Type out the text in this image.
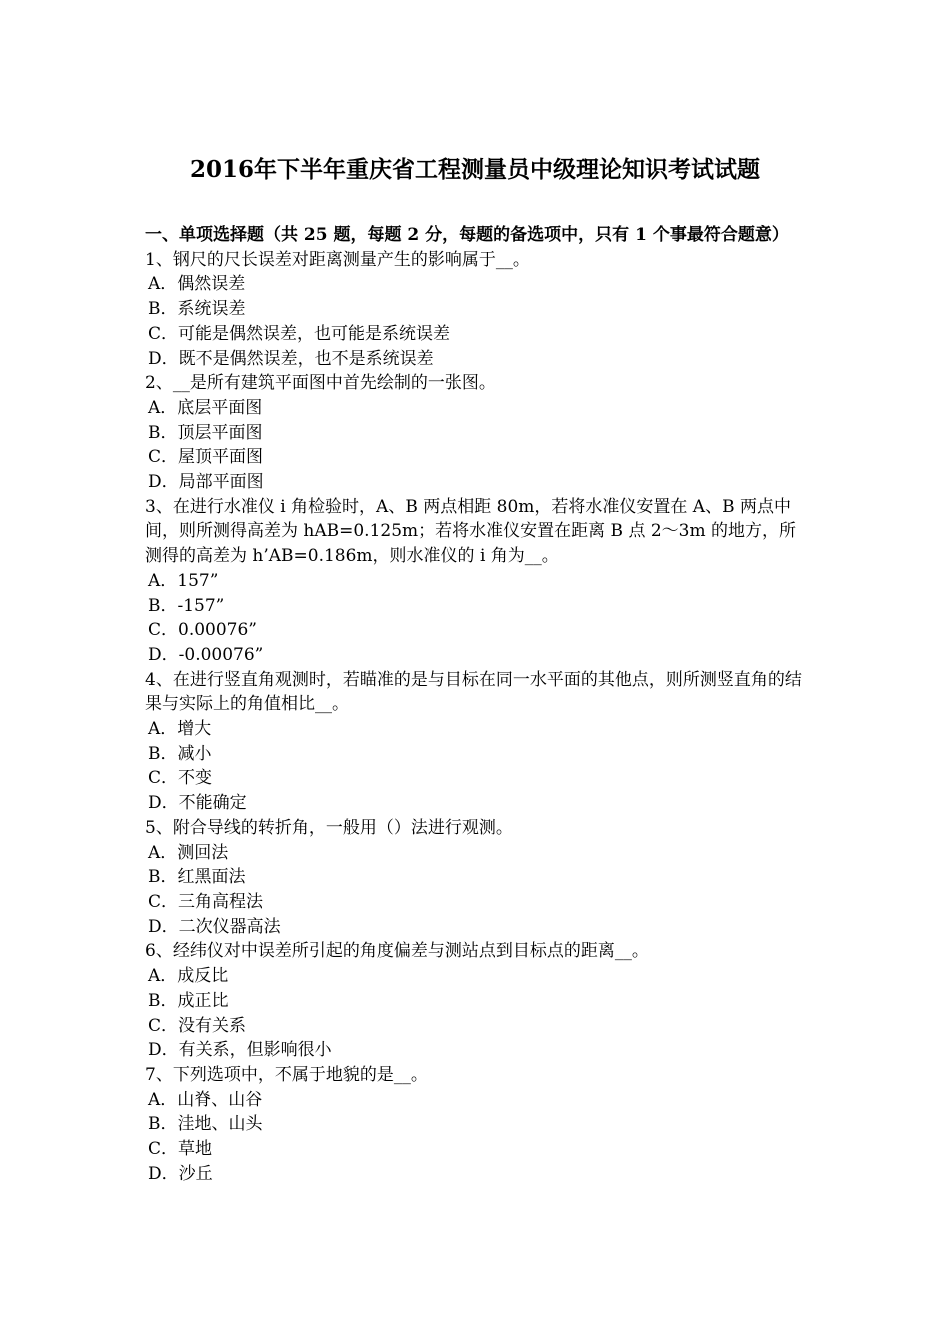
2016年下半年重庆省工程测量员中级理论知识考试试题

一、单项选择题（共 25 题，每题 2 分，每题的备选项中，只有 1 个事最符合题意）

1、钢尺的尺长误差对距离测量产生的影响属于__。

A．偶然误差

B．系统误差

C．可能是偶然误差，也可能是系统误差

D．既不是偶然误差，也不是系统误差

2、__是所有建筑平面图中首先绘制的一张图。

A．底层平面图

B．顶层平面图

C．屋顶平面图

D．局部平面图

3、在进行水准仪 i 角检验时，A、B 两点相距 80m，若将水准仪安置在 A、B 两点中间，则所测得高差为 hAB=0.125m；若将水准仪安置在距离 B 点 2～3m 的地方，所测得的高差为 h’AB=0.186m，则水准仪的 i 角为__。

A．157”

B．-157”

C．0.00076”

D．-0.00076”

4、在进行竖直角观测时，若瞄准的是与目标在同一水平面的其他点，则所测竖直角的结果与实际上的角值相比__。

A．增大

B．减小

C．不变

D．不能确定

5、附合导线的转折角，一般用（）法进行观测。

A．测回法

B．红黑面法

C．三角高程法

D．二次仪器高法

6、经纬仪对中误差所引起的角度偏差与测站点到目标点的距离__。

A．成反比

B．成正比

C．没有关系

D．有关系，但影响很小

7、下列选项中，不属于地貌的是__。

A．山脊、山谷

B．洼地、山头

C．草地

D．沙丘
